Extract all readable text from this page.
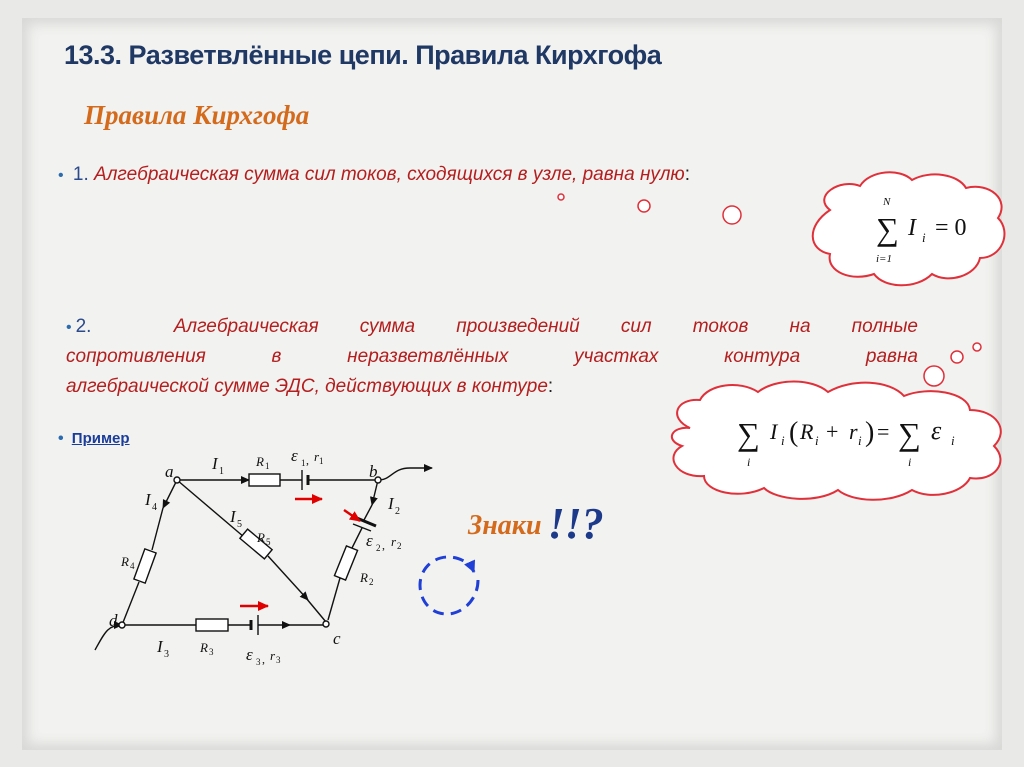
13.3. Разветвлённые цепи. Правила Кирхгофа
Правила Кирхгофа
• 1. Алгебраическая сумма сил токов, сходящихся в узле, равна нулю:
• 2.	Алгебраическая сумма произведений сил токов на полные
сопротивления в неразветвлённых участках контура равна
алгебраической сумме ЭДС, действующих в контуре:
• Пример
Знаки !!?
∑
N
i=1
I i = 0
∑
i
I i ( R i + r i ) = ∑
i
ε i
a	b
c
d
I 1
I 2
I 3
I 4	I 5
R 1
R 2
R 3
R 4
R 5
ε 1 , r 1
ε 2 , r 2
ε 3 , r 3
